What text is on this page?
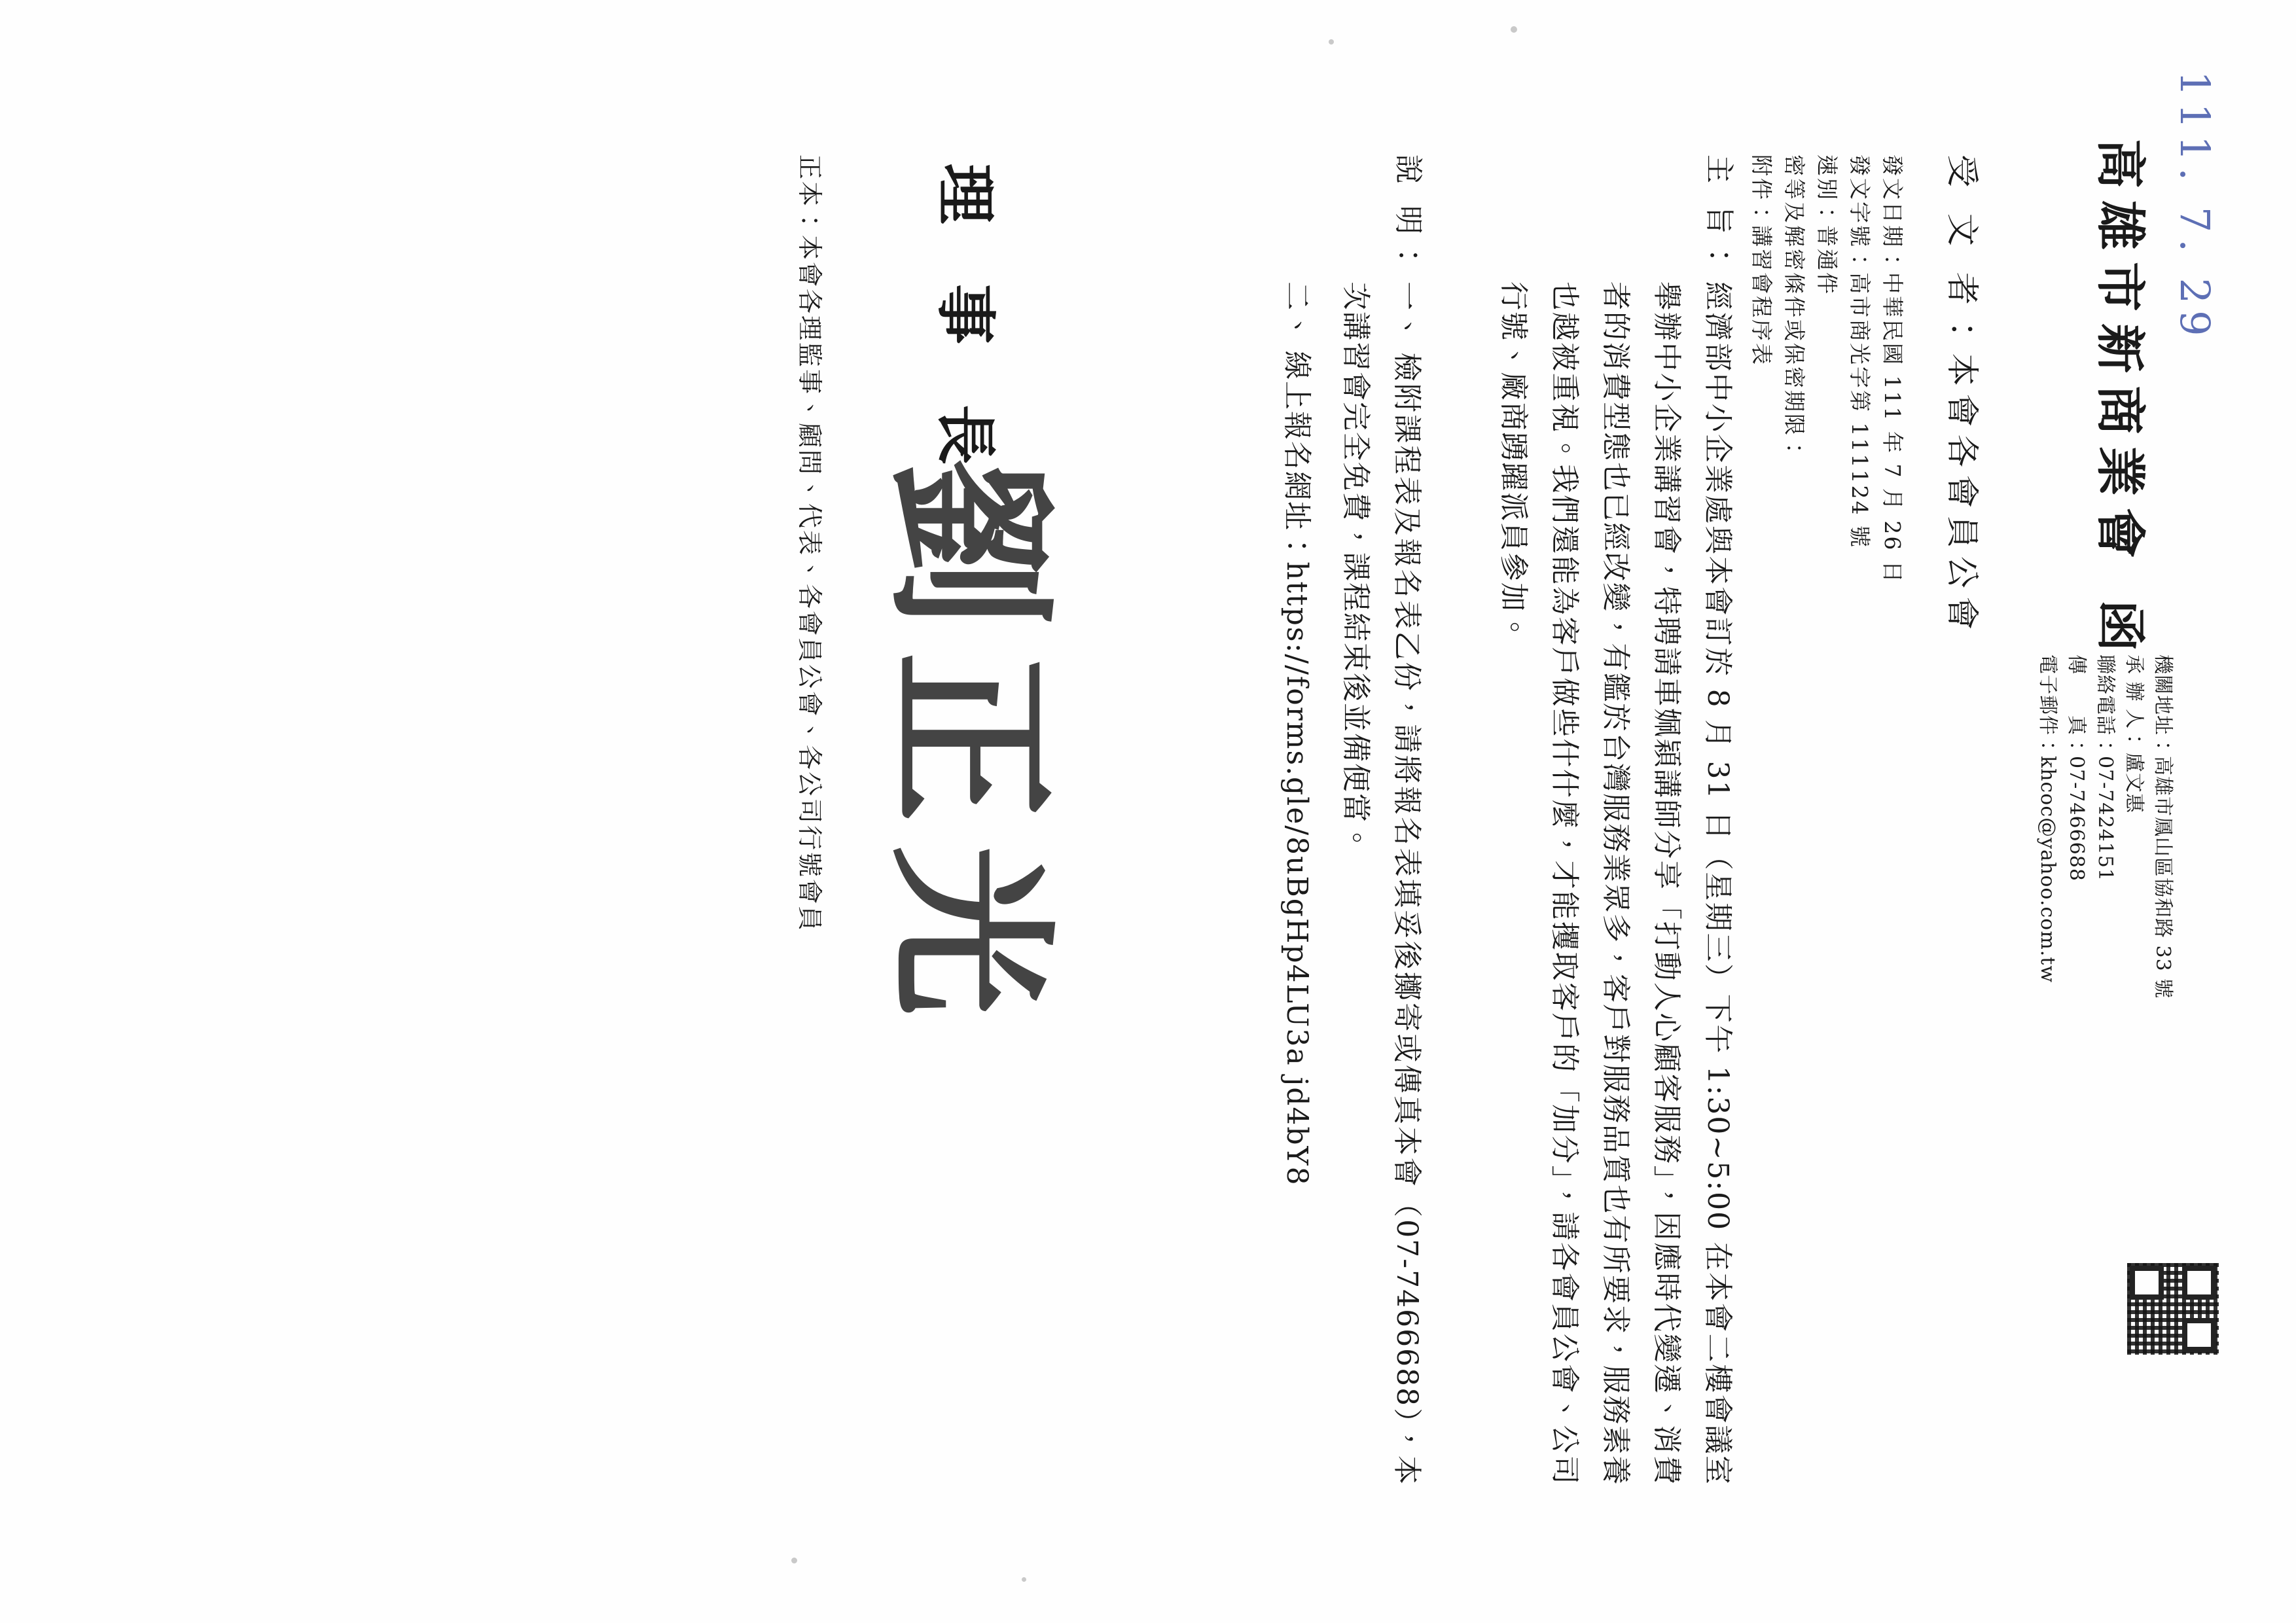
111. 7. 29
高雄市新商業會函
機關地址：高雄市鳳山區協和路 33 號
承 辦 人：盧文惠
聯絡電話：07-7424151
傳　　真：07-7466688
電子郵件：khcoc@yahoo.com.tw
受 文 者：本會各會員公會
發文日期：中華民國 111 年 7 月 26 日
發文字號：高市商光字第 111124 號
速別：普通件
密等及解密條件或保密期限：
附件：講習會程序表
主 旨：
經濟部中小企業處與本會訂於 8 月 31 日（星期三）下午 1:30~5:00 在本會二樓會議室舉辦中小企業講習會，特聘請車姵穎講師分享「打動人心顧客服務」，因應時代變遷、消費者的消費型態也已經改變，有鑑於台灣服務業眾多，客戶對服務品質也有所要求，服務素養也越被重視。我們還能為客戶做些什什麼，才能攫取客戶的「加分」，請各會員公會、公司行號、廠商踴躍派員參加。
說 明：
一、檢附課程表及報名表乙份，請將報名表填妥後擲寄或傳真本會（07-7466688），本次講習會完全免費，課程結束後並備便當。
二、線上報名網址：https://forms.gle/8uBgHp4LU3a jd4bY8
理 事 長
劉正光
正本：本會各理監事、顧問、代表、各會員公會、各公司行號會員
